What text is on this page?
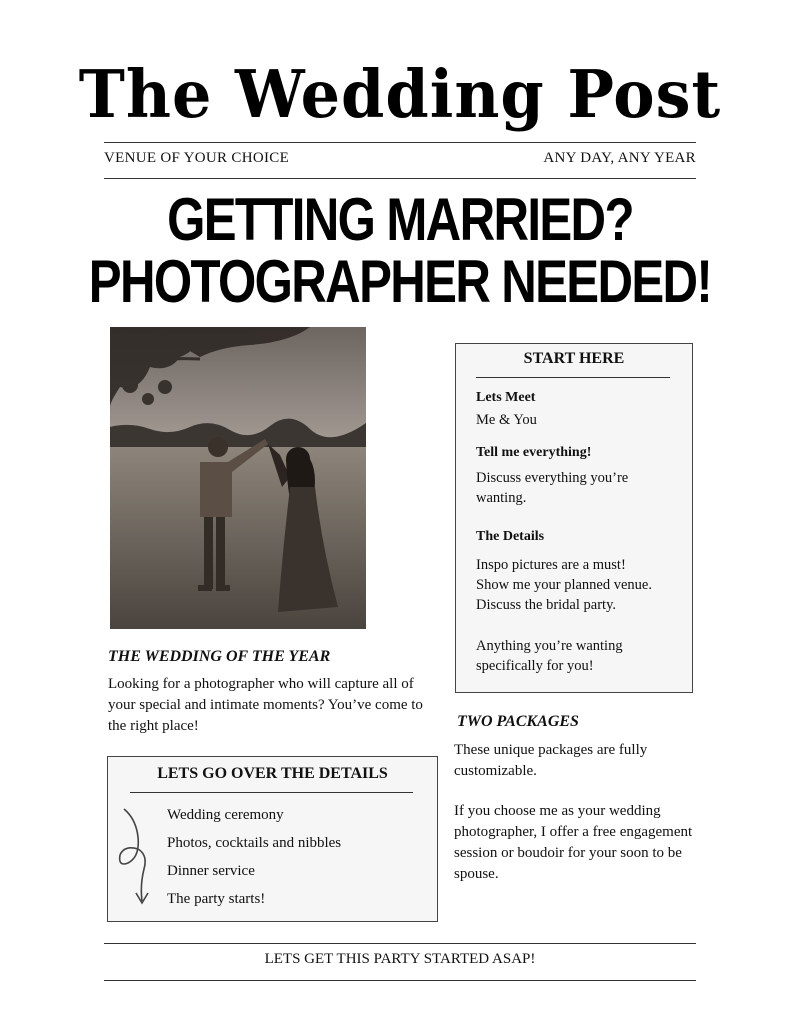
The Wedding Post
VENUE OF YOUR CHOICE	ANY DAY, ANY YEAR
GETTING MARRIED?
PHOTOGRAPHER NEEDED!
THE WEDDING OF THE YEAR
Looking for a photographer who will capture all of your special and intimate moments? You’ve come to the right place!
LETS GO OVER THE DETAILS
Wedding ceremony
Photos, cocktails and nibbles
Dinner service
The party starts!
START HERE
Lets Meet
Me & You
Tell me everything!
Discuss everything you’re wanting.
The Details
Inspo pictures are a must!
Show me your planned venue.
Discuss the bridal party.
Anything you’re wanting specifically for you!
TWO PACKAGES
These unique packages are fully customizable.
If you choose me as your wedding photographer, I offer a free engagement session or boudoir for your soon to be spouse.
LETS GET THIS PARTY STARTED ASAP!
